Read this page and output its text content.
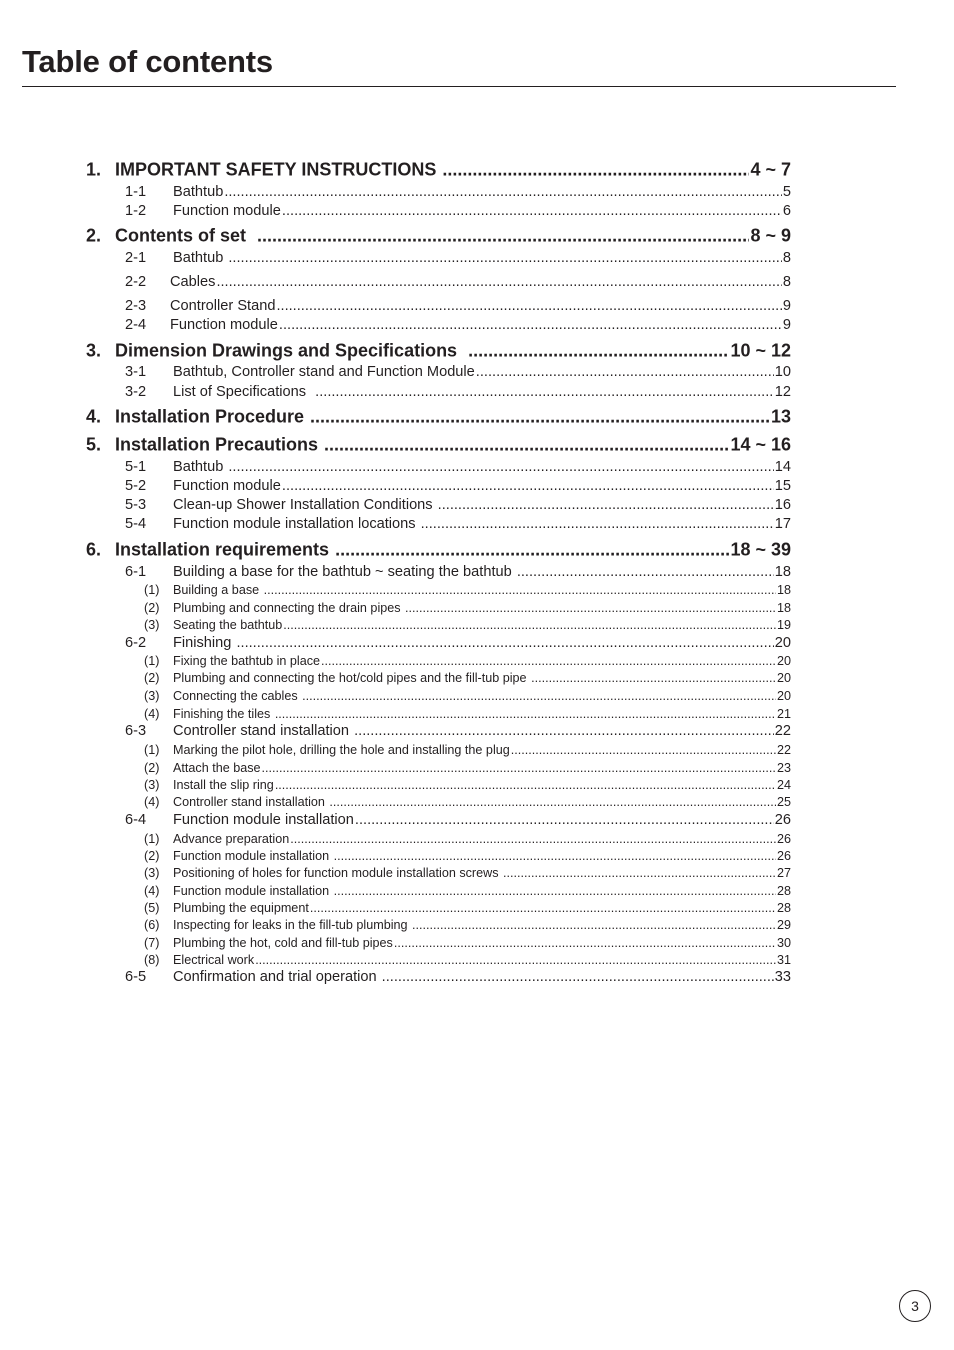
Table of contents
1. IMPORTANT SAFETY INSTRUCTIONS .....	4 ~ 7
1-1 Bathtub .....	5
1-2 Function module .....	6
2. Contents of set .....	8 ~ 9
2-1 Bathtub .....	8
2-2 Cables .....	8
2-3 Controller Stand .....	9
2-4 Function module .....	9
3. Dimension Drawings and Specifications .....	10 ~ 12
3-1 Bathtub, Controller stand and Function Module .....	10
3-2 List of Specifications .....	12
4. Installation Procedure .....	13
5. Installation Precautions .....	14 ~ 16
5-1 Bathtub .....	14
5-2 Function module .....	15
5-3 Clean-up Shower Installation Conditions .....	16
5-4 Function module installation locations .....	17
6. Installation requirements .....	18 ~ 39
6-1 Building a base for the bathtub ~ seating the bathtub .....	18
(1) Building a base .....	18
(2) Plumbing and connecting the drain pipes .....	18
(3) Seating the bathtub .....	19
6-2 Finishing .....	20
(1) Fixing the bathtub in place .....	20
(2) Plumbing and connecting the hot/cold pipes and the fill-tub pipe .....	20
(3) Connecting the cables .....	20
(4) Finishing the tiles .....	21
6-3 Controller stand installation .....	22
(1) Marking the pilot hole, drilling the hole and installing the plug .....	22
(2) Attach the base .....	23
(3) Install the slip ring .....	24
(4) Controller stand installation .....	25
6-4 Function module installation .....	26
(1) Advance preparation .....	26
(2) Function module installation .....	26
(3) Positioning of holes for function module installation screws .....	27
(4) Function module installation .....	28
(5) Plumbing the equipment .....	28
(6) Inspecting for leaks in the fill-tub plumbing .....	29
(7) Plumbing the hot, cold and fill-tub pipes .....	30
(8) Electrical work .....	31
6-5 Confirmation and trial operation .....	33
3
